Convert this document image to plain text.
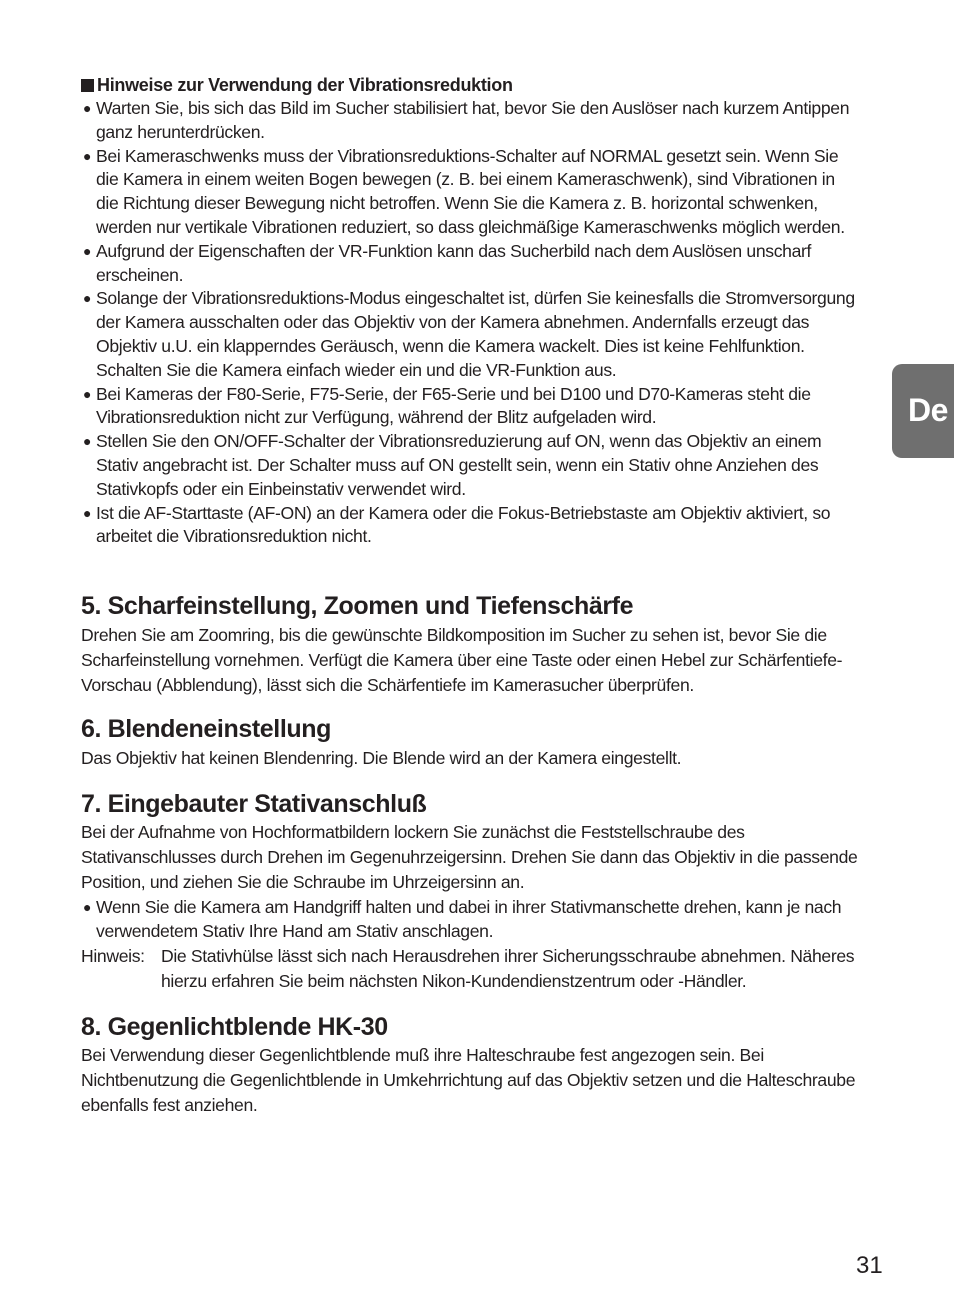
Hinweise zur Verwendung der Vibrationsreduktion
● Warten Sie, bis sich das Bild im Sucher stabilisiert hat, bevor Sie den Auslöser nach kurzem Antippen ganz herunterdrücken.
● Bei Kameraschwenks muss der Vibrationsreduktions-Schalter auf NORMAL gesetzt sein. Wenn Sie die Kamera in einem weiten Bogen bewegen (z. B. bei einem Kameraschwenk), sind Vibrationen in die Richtung dieser Bewegung nicht betroffen. Wenn Sie die Kamera z. B. horizontal schwenken, werden nur vertikale Vibrationen reduziert, so dass gleichmäßige Kameraschwenks möglich werden.
● Aufgrund der Eigenschaften der VR-Funktion kann das Sucherbild nach dem Auslösen unscharf erscheinen.
● Solange der Vibrationsreduktions-Modus eingeschaltet ist, dürfen Sie keinesfalls die Stromversorgung der Kamera ausschalten oder das Objektiv von der Kamera abnehmen. Andernfalls erzeugt das Objektiv u.U. ein klapperndes Geräusch, wenn die Kamera wackelt. Dies ist keine Fehlfunktion. Schalten Sie die Kamera einfach wieder ein und die VR-Funktion aus.
● Bei Kameras der F80-Serie, F75-Serie, der F65-Serie und bei D100 und D70-Kameras steht die Vibrationsreduktion nicht zur Verfügung, während der Blitz aufgeladen wird.
● Stellen Sie den ON/OFF-Schalter der Vibrationsreduzierung auf ON, wenn das Objektiv an einem Stativ angebracht ist. Der Schalter muss auf ON gestellt sein, wenn ein Stativ ohne Anziehen des Stativkopfs oder ein Einbeinstativ verwendet wird.
● Ist die AF-Starttaste (AF-ON) an der Kamera oder die Fokus-Betriebstaste am Objektiv aktiviert, so arbeitet die Vibrationsreduktion nicht.
5. Scharfeinstellung, Zoomen und Tiefenschärfe

Drehen Sie am Zoomring, bis die gewünschte Bildkomposition im Sucher zu sehen ist, bevor Sie die Scharfeinstellung vornehmen. Verfügt die Kamera über eine Taste oder einen Hebel zur Schärfentiefe-Vorschau (Abblendung), lässt sich die Schärfentiefe im Kamerasucher überprüfen.

6. Blendeneinstellung

Das Objektiv hat keinen Blendenring. Die Blende wird an der Kamera eingestellt.

7. Eingebauter Stativanschluß

Bei der Aufnahme von Hochformatbildern lockern Sie zunächst die Feststellschraube des Stativanschlusses durch Drehen im Gegenuhrzeigersinn. Drehen Sie dann das Objektiv in die passende Position, und ziehen Sie die Schraube im Uhrzeigersinn an.

● Wenn Sie die Kamera am Handgriff halten und dabei in ihrer Stativmanschette drehen, kann je nach verwendetem Stativ Ihre Hand am Stativ anschlagen.
Hinweis: Die Stativhülse lässt sich nach Herausdrehen ihrer Sicherungsschraube abnehmen. Näheres hierzu erfahren Sie beim nächsten Nikon-Kundendienstzentrum oder -Händler.
8. Gegenlichtblende HK-30

Bei Verwendung dieser Gegenlichtblende muß ihre Halteschraube fest angezogen sein. Bei Nichtbenutzung die Gegenlichtblende in Umkehrrichtung auf das Objektiv setzen und die Halteschraube ebenfalls fest anziehen.

De
31
